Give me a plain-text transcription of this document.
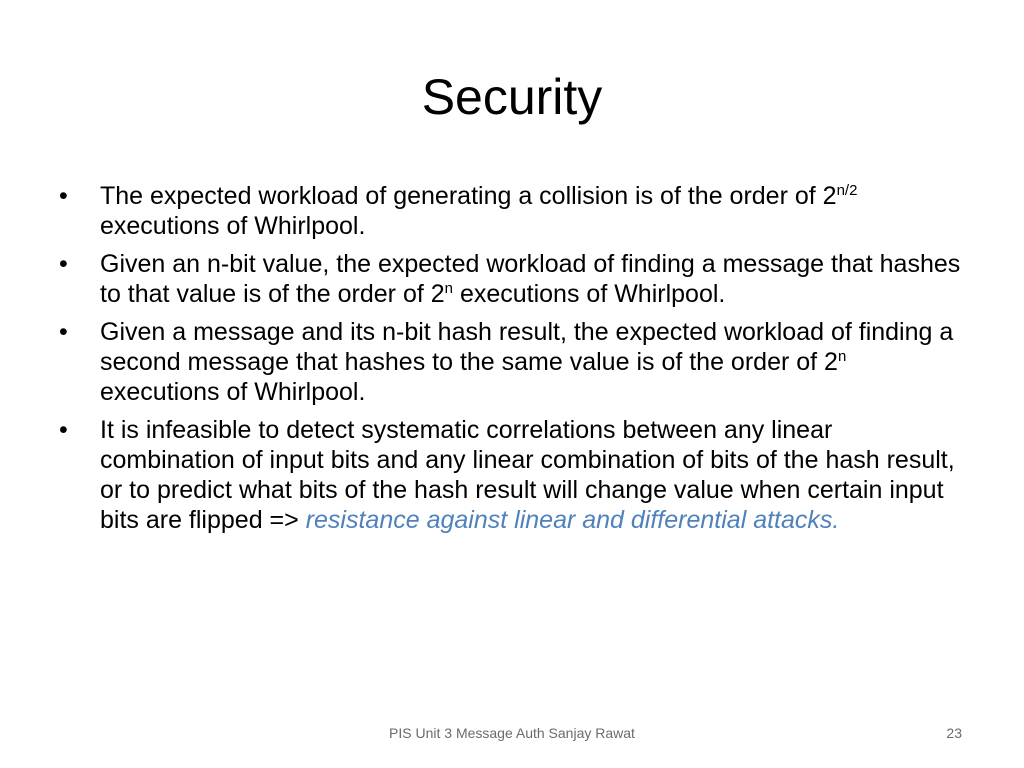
Security
•	The expected workload of generating a collision is of the order of $2^{n/2}$ executions of Whirlpool.
•	Given an n-bit value, the expected workload of finding a message that hashes to that value is of the order of 2$^n$ executions of Whirlpool.
•	Given a message and its n-bit hash result, the expected workload of finding a second message that hashes to the same value is of the order of 2$^n$ executions of Whirlpool.
•	It is infeasible to detect systematic correlations between any linear combination of input bits and any linear combination of bits of the hash result, or to predict what bits of the hash result will change value when certain input bits are flipped => resistance against linear and differential attacks.
PIS Unit 3 Message Auth Sanjay Rawat	23
